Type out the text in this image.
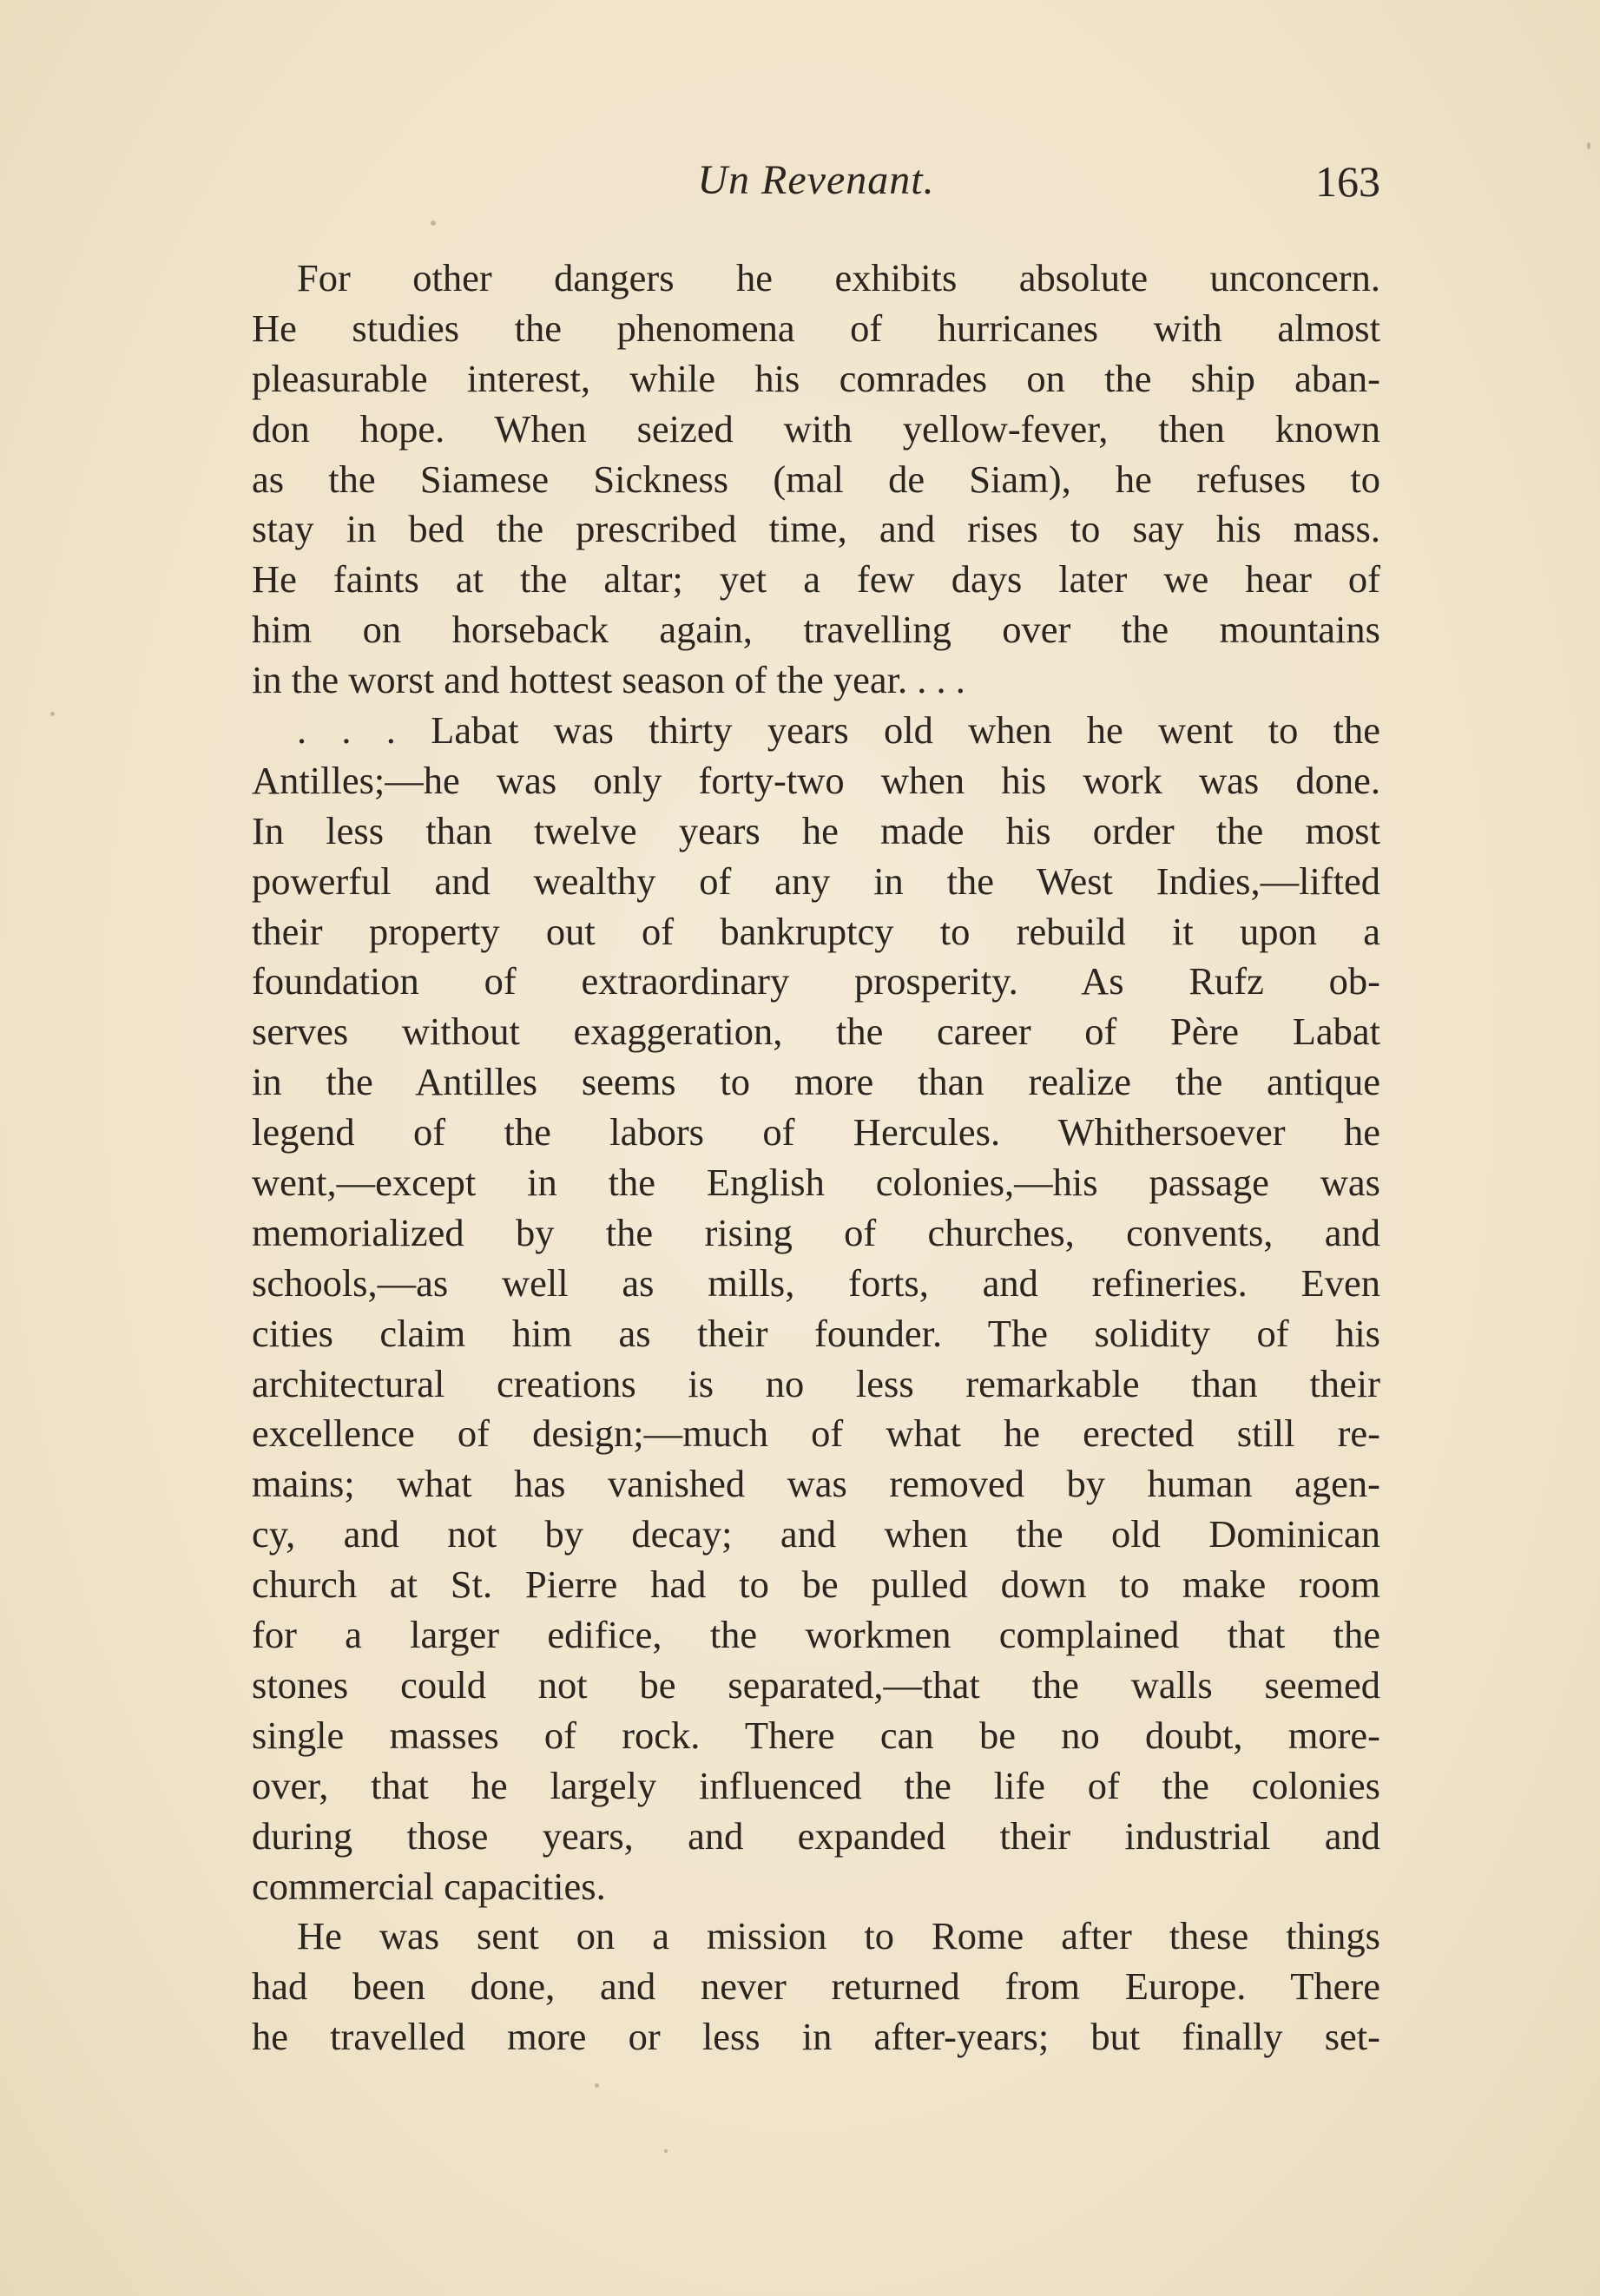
Un Revenant.	163
For other dangers he exhibits absolute unconcern.
He studies the phenomena of hurricanes with almost
pleasurable interest, while his comrades on the ship aban-
don hope. When seized with yellow-fever, then known
as the Siamese Sickness (mal de Siam), he refuses to
stay in bed the prescribed time, and rises to say his mass.
He faints at the altar; yet a few days later we hear of
him on horseback again, travelling over the mountains
in the worst and hottest season of the year. . . .
. . . Labat was thirty years old when he went to the
Antilles;—he was only forty-two when his work was done.
In less than twelve years he made his order the most
powerful and wealthy of any in the West Indies,—lifted
their property out of bankruptcy to rebuild it upon a
foundation of extraordinary prosperity. As Rufz ob-
serves without exaggeration, the career of Père Labat
in the Antilles seems to more than realize the antique
legend of the labors of Hercules. Whithersoever he
went,—except in the English colonies,—his passage was
memorialized by the rising of churches, convents, and
schools,—as well as mills, forts, and refineries. Even
cities claim him as their founder. The solidity of his
architectural creations is no less remarkable than their
excellence of design;—much of what he erected still re-
mains; what has vanished was removed by human agen-
cy, and not by decay; and when the old Dominican
church at St. Pierre had to be pulled down to make room
for a larger edifice, the workmen complained that the
stones could not be separated,—that the walls seemed
single masses of rock. There can be no doubt, more-
over, that he largely influenced the life of the colonies
during those years, and expanded their industrial and
commercial capacities.
He was sent on a mission to Rome after these things
had been done, and never returned from Europe. There
he travelled more or less in after-years; but finally set-
